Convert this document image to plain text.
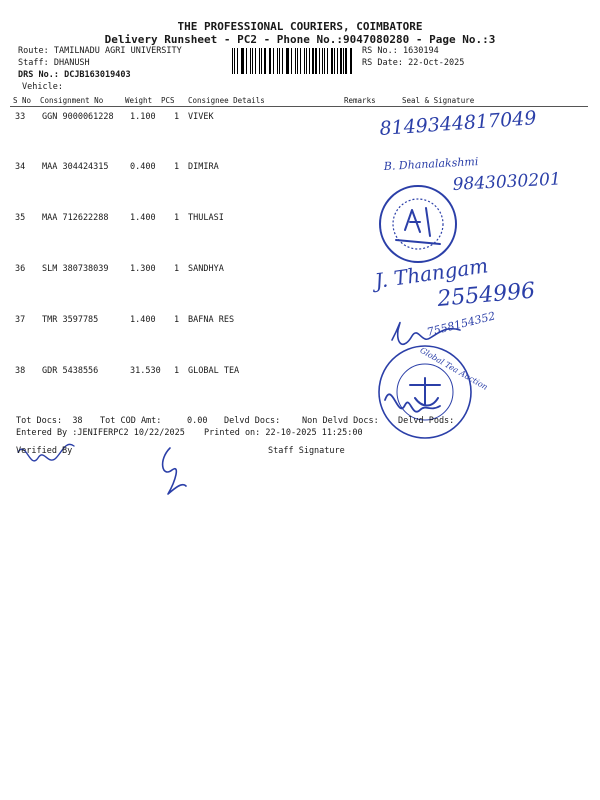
THE PROFESSIONAL COURIERS, COIMBATORE
Delivery Runsheet - PC2 - Phone No.:9047080280 - Page No.:3
Route: TAMILNADU AGRI UNIVERSITY
Staff: DHANUSH
DRS No.: DCJB163019403
Vehicle:
RS No.: 1630194
RS Date: 22-Oct-2025
S No Consignment No	Weight PCS Consignee Details	Remarks	Seal & Signature
33 GGN 9000061228 1.100 1 VIVEK
34 MAA 304424315	0.400 1 DIMIRA
35 MAA 712622288	1.400 1 THULASI
36 SLM 380738039	1.300 1 SANDHYA
37 TMR 3597785	1.400 1 BAFNA RES
38 GDR 5438556	31.530 1 GLOBAL TEA
8149344817049
B. Dhanalakshmi
9843030201
J. Thangam
2554996
7558154352
Global Tea Auction
Tot Docs: 38 Tot COD Amt:	0.00 Delvd Docs:	Non Delvd Docs: Delvd Pods:
Entered By :JENIFERPC2 10/22/2025 Printed on: 22-10-2025 11:25:00
Verified By	Staff Signature
